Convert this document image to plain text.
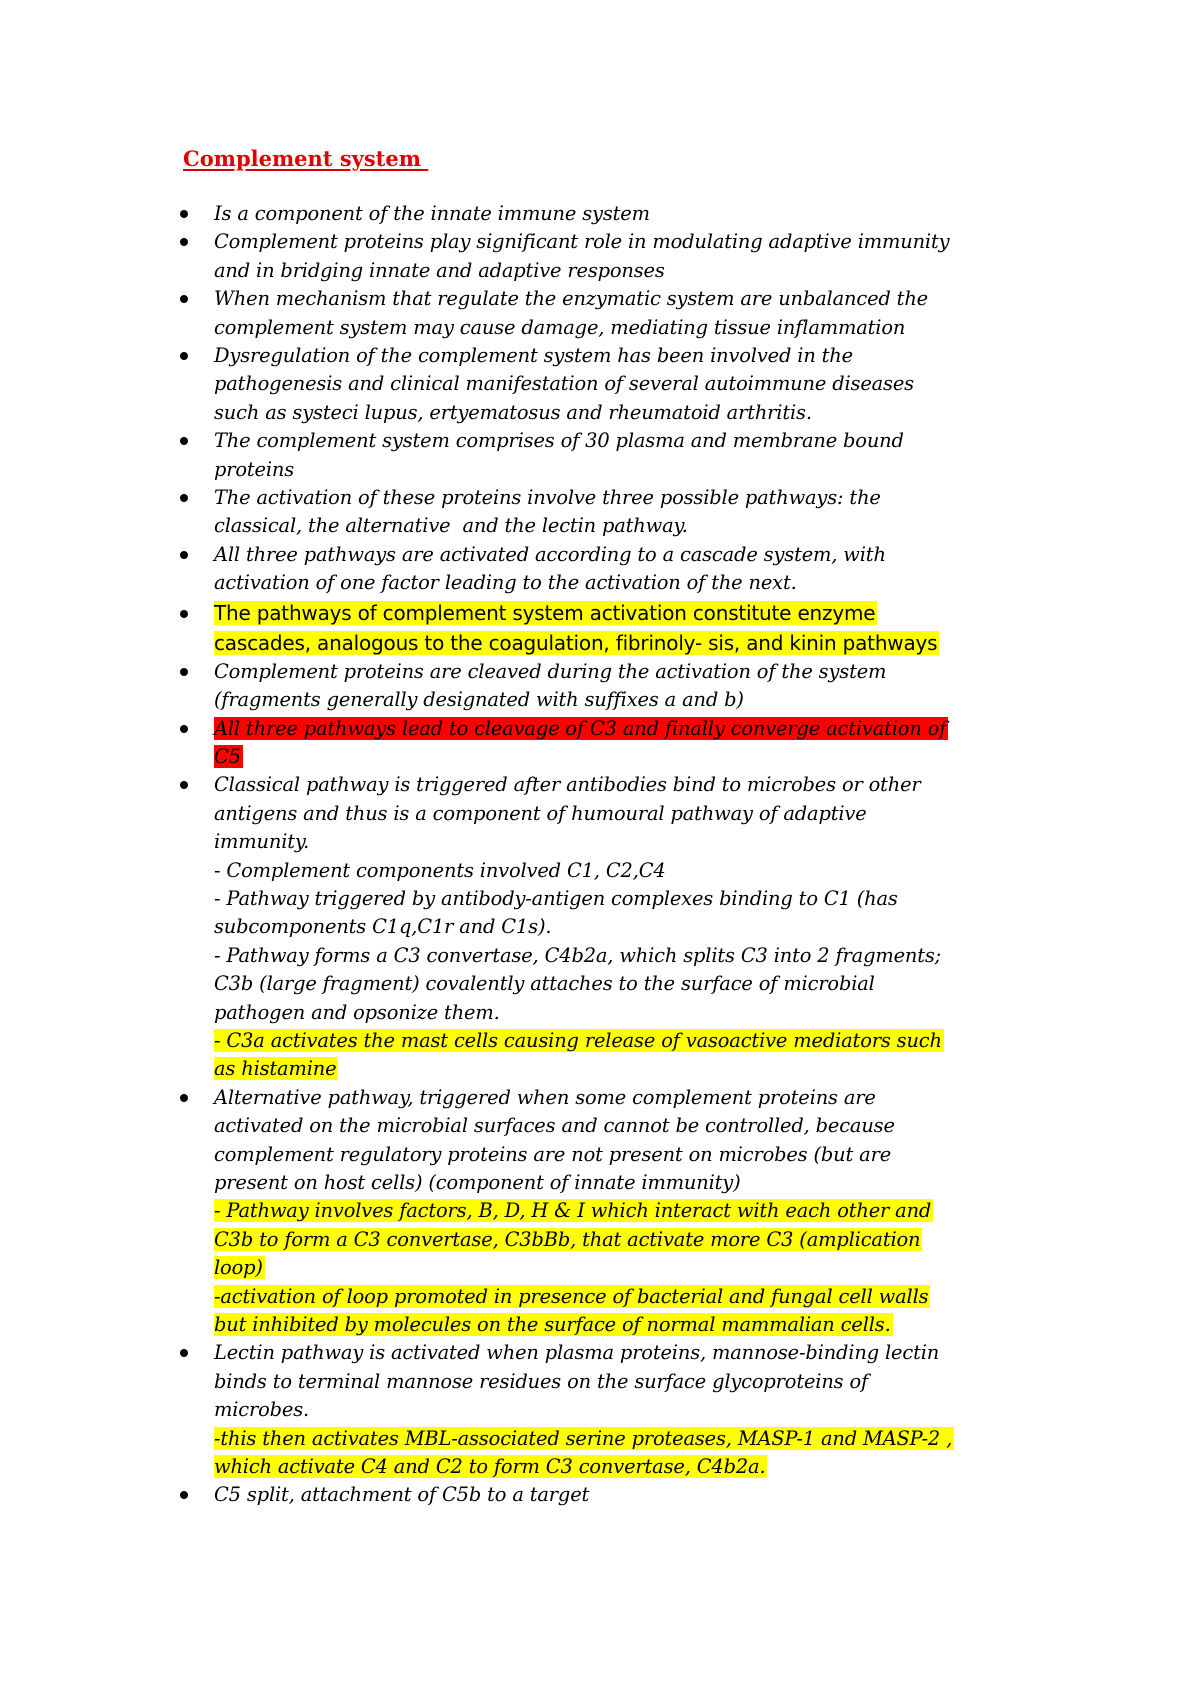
Complement system
Is a component of the innate immune system
Complement proteins play significant role in modulating adaptive immunity
and in bridging innate and adaptive responses
When mechanism that regulate the enzymatic system are unbalanced the
complement system may cause damage, mediating tissue inflammation
Dysregulation of the complement system has been involved in the
pathogenesis and clinical manifestation of several autoimmune diseases
such as systeci lupus, ertyematosus and rheumatoid arthritis.
The complement system comprises of 30 plasma and membrane bound
proteins
The activation of these proteins involve three possible pathways: the
classical, the alternative  and the lectin pathway.
All three pathways are activated according to a cascade system, with
activation of one factor leading to the activation of the next.
The pathways of complement system activation constitute enzyme
cascades, analogous to the coagulation, fibrinoly- sis, and kinin pathways
Complement proteins are cleaved during the activation of the system
(fragments generally designated with suffixes a and b)
All three pathways lead to cleavage of C3 and finally converge activation of
C5
Classical pathway is triggered after antibodies bind to microbes or other
antigens and thus is a component of humoural pathway of adaptive
immunity.
- Complement components involved C1, C2,C4
- Pathway triggered by antibody-antigen complexes binding to C1 (has
subcomponents C1q,C1r and C1s).
- Pathway forms a C3 convertase, C4b2a, which splits C3 into 2 fragments;
C3b (large fragment) covalently attaches to the surface of microbial
pathogen and opsonize them.
- C3a activates the mast cells causing release of vasoactive mediators such
as histamine
Alternative pathway, triggered when some complement proteins are
activated on the microbial surfaces and cannot be controlled, because
complement regulatory proteins are not present on microbes (but are
present on host cells) (component of innate immunity)
- Pathway involves factors, B, D, H & I which interact with each other and
C3b to form a C3 convertase, C3bBb, that activate more C3 (amplication
loop)
-activation of loop promoted in presence of bacterial and fungal cell walls
but inhibited by molecules on the surface of normal mammalian cells.
Lectin pathway is activated when plasma proteins, mannose-binding lectin
binds to terminal mannose residues on the surface glycoproteins of
microbes.
-this then activates MBL-associated serine proteases, MASP-1 and MASP-2 ,
which activate C4 and C2 to form C3 convertase, C4b2a.
C5 split, attachment of C5b to a target
